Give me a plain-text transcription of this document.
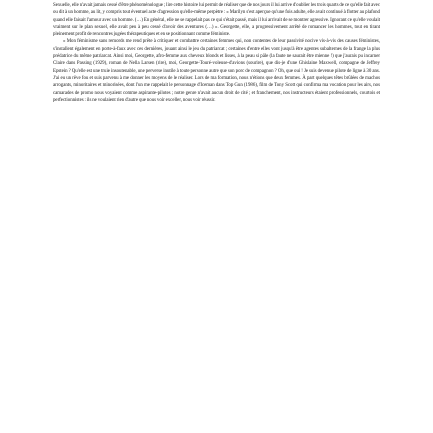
Sexuelle, elle n'avait jamais cessé d'être phénoménologue ; lire cette histoire lui permit de réaliser que de nos jours il lui arrive d'oublier les trois quarts de ce qu'elle fait avec ou dit à un homme, au lit, y compris tout éventuel acte d'agression qu'elle-même perpètre : « Marilyn s'est aperçue qu'une fois adulte, elle avait continué à flotter au plafond quand elle faisait l'amour avec un homme. (…) En général, elle ne se rappelait pas ce qui s'était passé, mais il lui arrivait de se montrer agressive. Ignorant ce qu'elle voulait vraiment sur le plan sexuel, elle avait peu à peu cessé d'avoir des aventures (…) ». Georgette, elle, a progressivement arrêté de romancer les hommes, tout en tirant pleinement profit de rencontres jugées thérapeutiques et en se positionnant comme féministe.

« Mon féminisme sans remords me rend prête à critiquer et combattre certaines femmes qui, non contentes de leur passivité nocive vis-à-vis des causes féministes, s'installent également en porte-à-faux avec ces dernières, jouant ainsi le jeu du patriarcat ; certaines d'entre elles vont jusqu'à être agentes subalternes de la frange la plus prédatrice du même patriarcat. Ainsi moi, Georgette, afro-femme aux cheveux blonds et lisses, à la peau si pâle (la faute ne saurait être mienne !) que j'aurais pu incarner Claire dans Passing (1929), roman de Nella Larsen (rire), moi, Georgette-Touré-voleuse-d'avions (sourire), que dis-je d'une Ghislaine Maxwell, compagne de Jeffrey Epstein ? Qu'elle est une truie insoutenable, une perverse inutile à toute personne autre que son porc de compagnon ? Oh, que oui ! Je suis devenue pilote de ligne à 30 ans. J'ai eu un rêve fou et suis parvenu à me donner les moyens de le réaliser. Lors de ma formation, nous n'étions que deux femmes. À part quelques têtes brûlées de machos arrogants, minoritaires et minorisées, dont l'un me rappelait le personnage d'Iceman dans Top Gun (1986), film de Tony Scott qui confirma ma vocation pour les airs, nos camarades de promo nous voyaient comme aspirante-pilotes ; notre genre n'avait aucun droit de cité ; et franchement, nos instructeurs étaient professionnels, courtois et perfectionnistes : ils ne voulaient rien d'autre que nous voir exceller, nous voir réussir.
